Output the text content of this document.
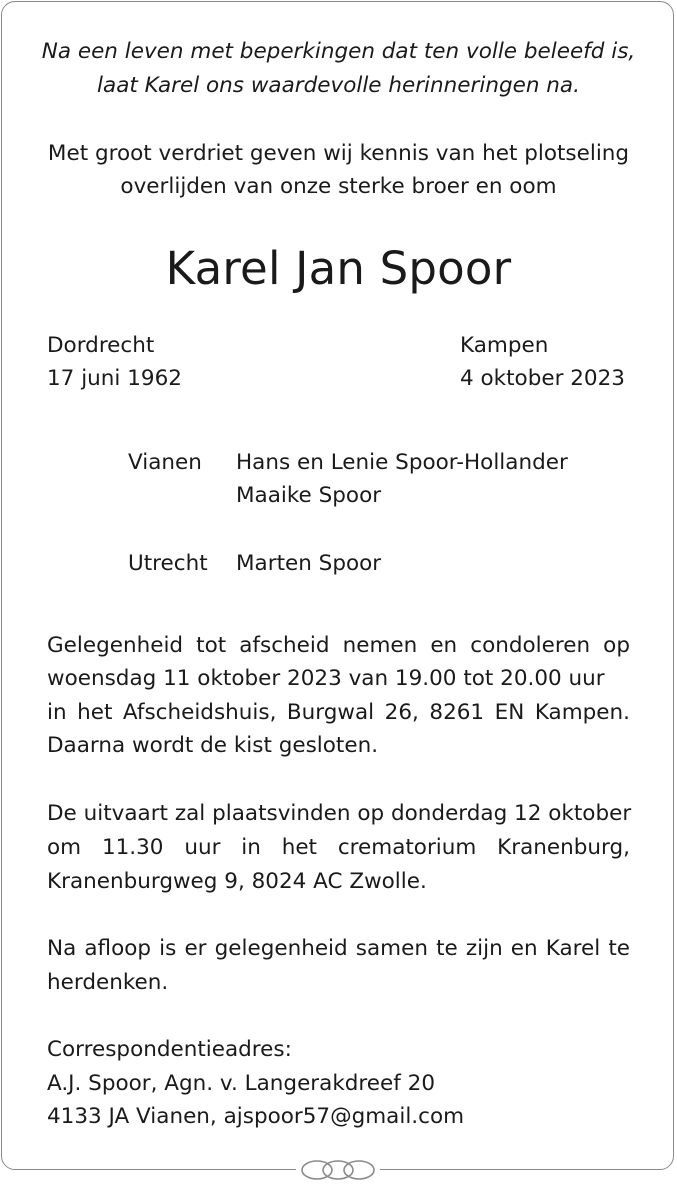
Na een leven met beperkingen dat ten volle beleefd is,
laat Karel ons waardevolle herinneringen na.
Met groot verdriet geven wij kennis van het plotseling
overlijden van onze sterke broer en oom
Karel Jan Spoor
Dordrecht
17 juni 1962
Kampen
4 oktober 2023
Vianen Hans en Lenie Spoor-Hollander
Maaike Spoor
Utrecht Marten Spoor
Gelegenheid tot afscheid nemen en condoleren op
woensdag 11 oktober 2023 van 19.00 tot 20.00 uur
in het Afscheidshuis, Burgwal 26, 8261 EN Kampen.
Daarna wordt de kist gesloten.
De uitvaart zal plaatsvinden op donderdag 12 oktober
om 11.30 uur in het crematorium Kranenburg,
Kranenburgweg 9, 8024 AC Zwolle.
Na afloop is er gelegenheid samen te zijn en Karel te
herdenken.
Correspondentieadres:
A.J. Spoor, Agn. v. Langerakdreef 20
4133 JA Vianen, ajspoor57@gmail.com
